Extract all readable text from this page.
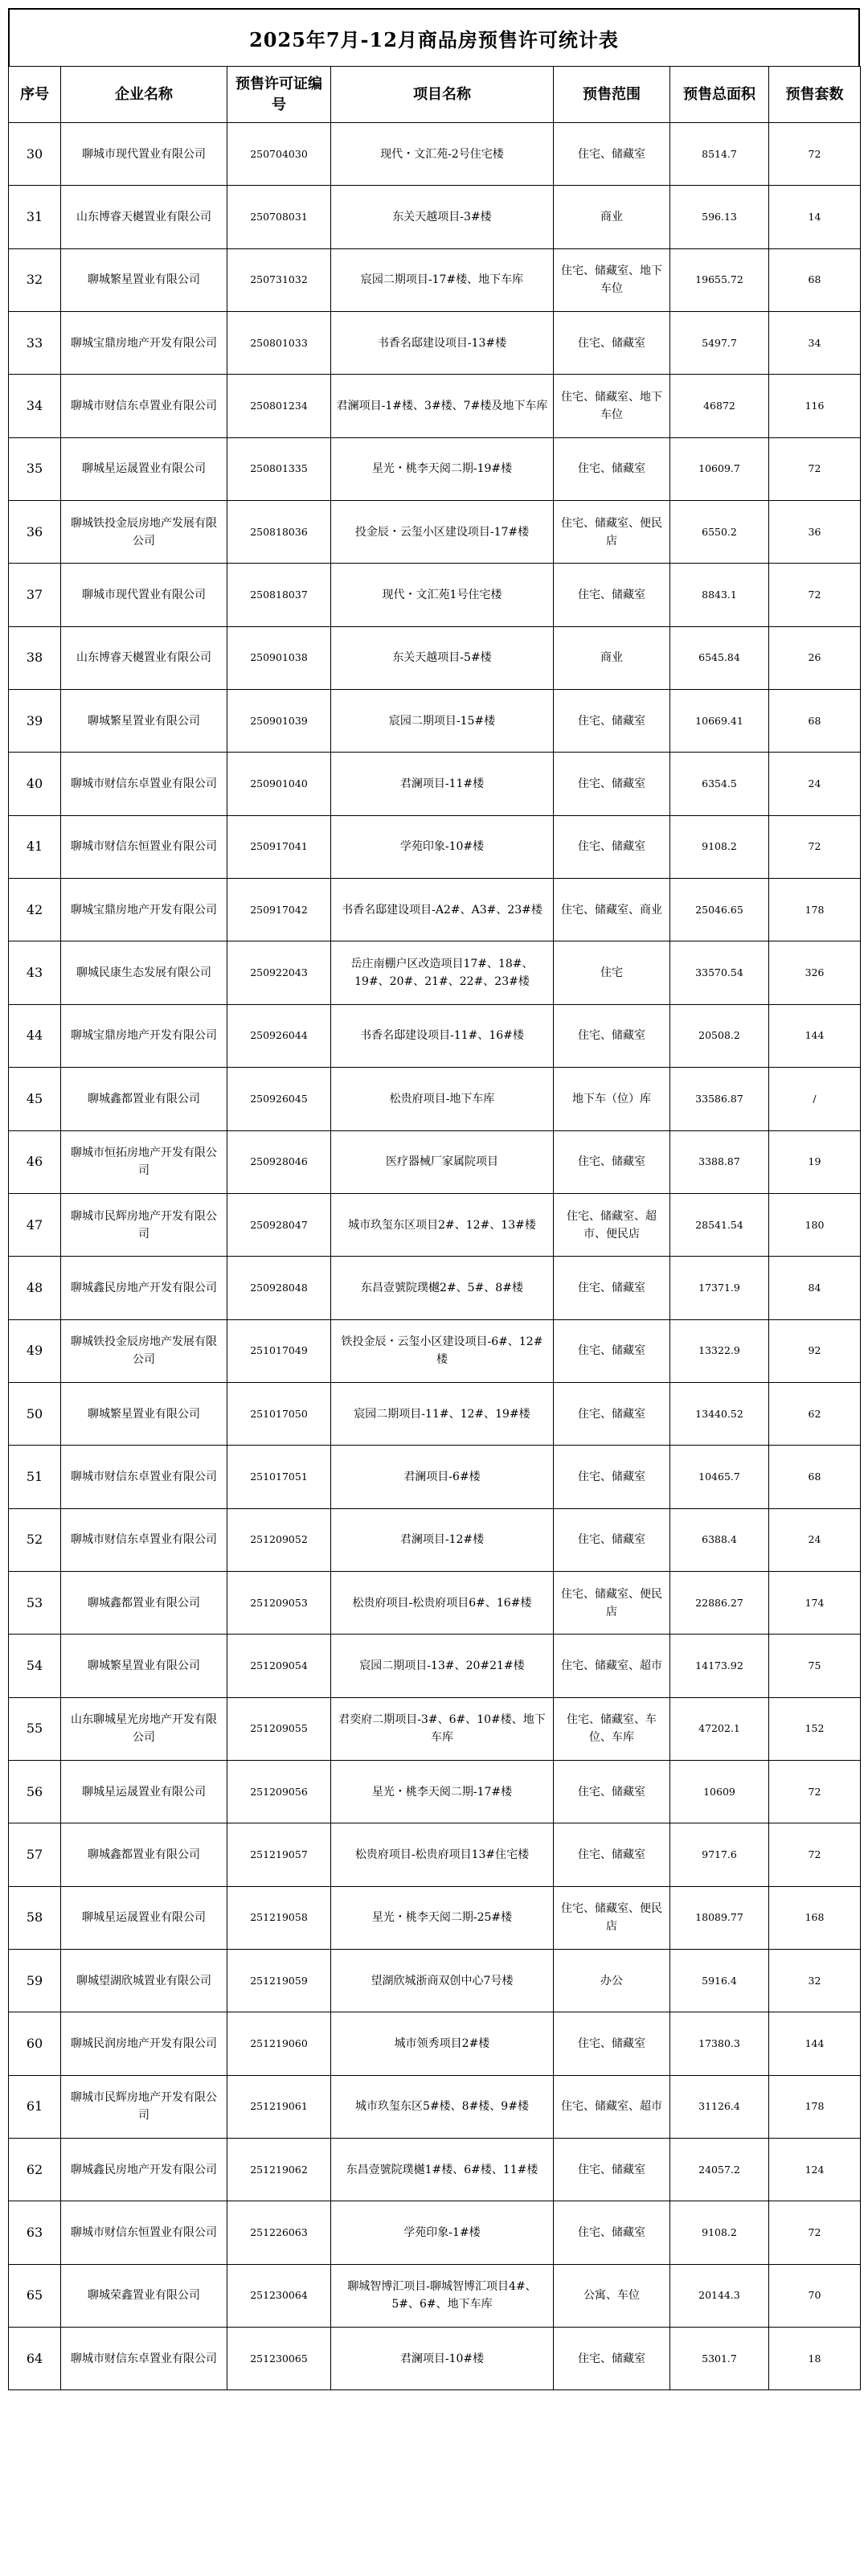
2025年7月-12月商品房预售许可统计表
序号	企业名称	预售许可证编号	项目名称	预售范围	预售总面积	预售套数
30	聊城市现代置业有限公司	250704030	现代・文汇苑-2号住宅楼	住宅、储藏室	8514.7	72
31	山东博睿天樾置业有限公司	250708031	东关天越项目-3#楼	商业	596.13	14
32	聊城繁星置业有限公司	250731032	宸园二期项目-17#楼、地下车库	住宅、储藏室、地下车位	19655.72	68
33	聊城宝鼎房地产开发有限公司	250801033	书香名邸建设项目-13#楼	住宅、储藏室	5497.7	34
34	聊城市财信东卓置业有限公司	250801234	君澜项目-1#楼、3#楼、7#楼及地下车库	住宅、储藏室、地下车位	46872	116
35	聊城星运晟置业有限公司	250801335	星光・桃李天阅二期-19#楼	住宅、储藏室	10609.7	72
36	聊城铁投金辰房地产发展有限公司	250818036	投金辰・云玺小区建设项目-17#楼	住宅、储藏室、便民店	6550.2	36
37	聊城市现代置业有限公司	250818037	现代・文汇苑1号住宅楼	住宅、储藏室	8843.1	72
38	山东博睿天樾置业有限公司	250901038	东关天越项目-5#楼	商业	6545.84	26
39	聊城繁星置业有限公司	250901039	宸园二期项目-15#楼	住宅、储藏室	10669.41	68
40	聊城市财信东卓置业有限公司	250901040	君澜项目-11#楼	住宅、储藏室	6354.5	24
41	聊城市财信东恒置业有限公司	250917041	学苑印象-10#楼	住宅、储藏室	9108.2	72
42	聊城宝鼎房地产开发有限公司	250917042	书香名邸建设项目-A2#、A3#、23#楼	住宅、储藏室、商业	25046.65	178
43	聊城民康生态发展有限公司	250922043	岳庄南棚户区改造项目17#、18#、19#、20#、21#、22#、23#楼	住宅	33570.54	326
44	聊城宝鼎房地产开发有限公司	250926044	书香名邸建设项目-11#、16#楼	住宅、储藏室	20508.2	144
45	聊城鑫都置业有限公司	250926045	松贵府项目-地下车库	地下车（位）库	33586.87	/
46	聊城市恒拓房地产开发有限公司	250928046	医疗器械厂家属院项目	住宅、储藏室	3388.87	19
47	聊城市民辉房地产开发有限公司	250928047	城市玖玺东区项目2#、12#、13#楼	住宅、储藏室、超市、便民店	28541.54	180
48	聊城鑫民房地产开发有限公司	250928048	东昌壹號院璞樾2#、5#、8#楼	住宅、储藏室	17371.9	84
49	聊城铁投金辰房地产发展有限公司	251017049	铁投金辰・云玺小区建设项目-6#、12#楼	住宅、储藏室	13322.9	92
50	聊城繁星置业有限公司	251017050	宸园二期项目-11#、12#、19#楼	住宅、储藏室	13440.52	62
51	聊城市财信东卓置业有限公司	251017051	君澜项目-6#楼	住宅、储藏室	10465.7	68
52	聊城市财信东卓置业有限公司	251209052	君澜项目-12#楼	住宅、储藏室	6388.4	24
53	聊城鑫都置业有限公司	251209053	松贵府项目-松贵府项目6#、16#楼	住宅、储藏室、便民店	22886.27	174
54	聊城繁星置业有限公司	251209054	宸园二期项目-13#、20#21#楼	住宅、储藏室、超市	14173.92	75
55	山东聊城星光房地产开发有限公司	251209055	君奕府二期项目-3#、6#、10#楼、地下车库	住宅、储藏室、车位、车库	47202.1	152
56	聊城星运晟置业有限公司	251209056	星光・桃李天阅二期-17#楼	住宅、储藏室	10609	72
57	聊城鑫都置业有限公司	251219057	松贵府项目-松贵府项目13#住宅楼	住宅、储藏室	9717.6	72
58	聊城星运晟置业有限公司	251219058	星光・桃李天阅二期-25#楼	住宅、储藏室、便民店	18089.77	168
59	聊城望湖欣城置业有限公司	251219059	望湖欣城浙商双创中心7号楼	办公	5916.4	32
60	聊城民润房地产开发有限公司	251219060	城市领秀项目2#楼	住宅、储藏室	17380.3	144
61	聊城市民辉房地产开发有限公司	251219061	城市玖玺东区5#楼、8#楼、9#楼	住宅、储藏室、超市	31126.4	178
62	聊城鑫民房地产开发有限公司	251219062	东昌壹號院璞樾1#楼、6#楼、11#楼	住宅、储藏室	24057.2	124
63	聊城市财信东恒置业有限公司	251226063	学苑印象-1#楼	住宅、储藏室	9108.2	72
65	聊城荣鑫置业有限公司	251230064	聊城智博汇项目-聊城智博汇项目4#、5#、6#、地下车库	公寓、车位	20144.3	70
64	聊城市财信东卓置业有限公司	251230065	君澜项目-10#楼	住宅、储藏室	5301.7	18
